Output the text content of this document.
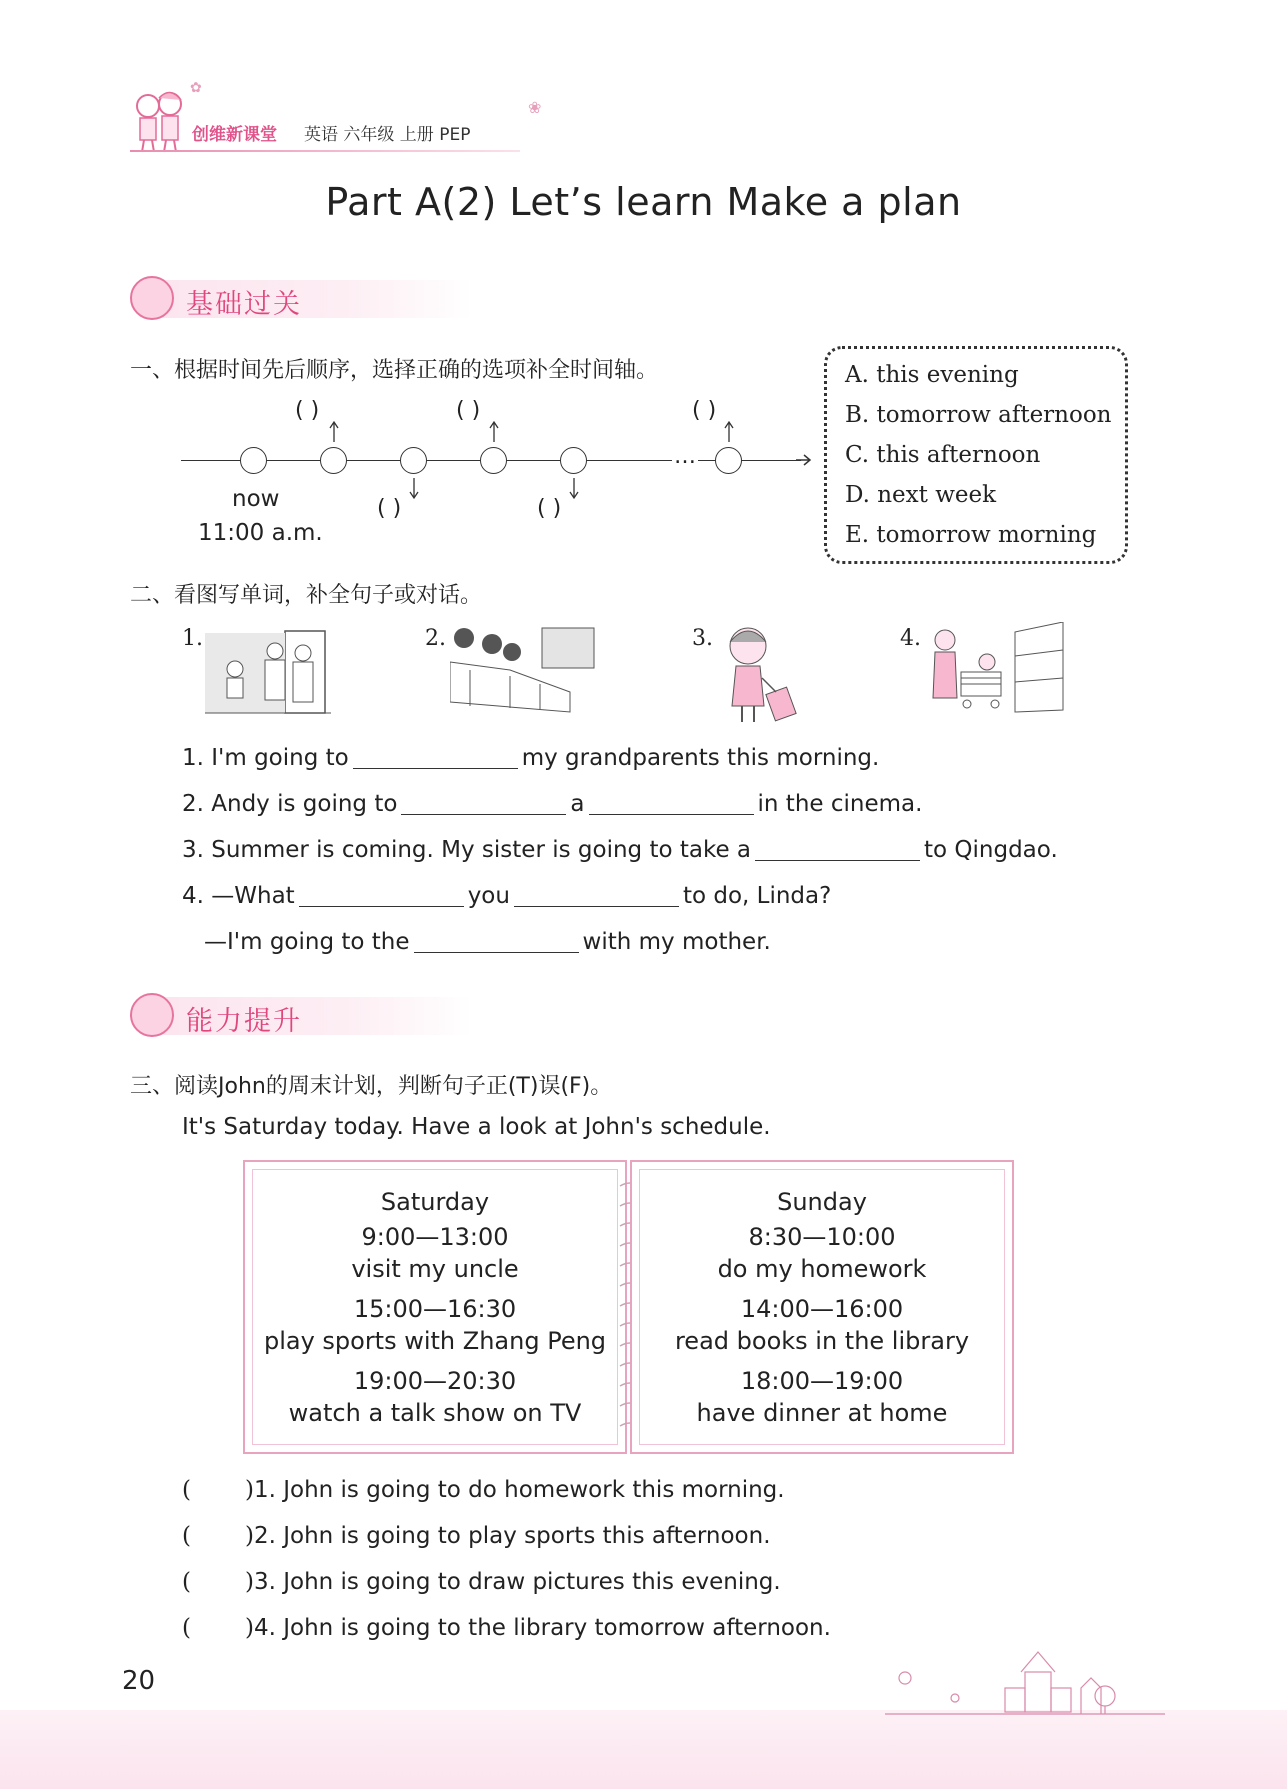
创维新课堂 英语 六年级 上册 PEP
✿
❀
Part A(2) Let’s learn Make a plan
基础过关
一、根据时间先后顺序，选择正确的选项补全时间轴。	A. this evening
B. tomorrow afternoon
C. this afternoon
D. next week
E. tomorrow morning
…
( )	( )	( )
( )	( )
now
11:00 a.m.
二、看图写单词，补全句子或对话。
1.	2.	3.	4.
1. I'm going to	my grandparents this morning.
2. Andy is going to	a	in the cinema.
3. Summer is coming. My sister is going to take a	to Qingdao.
4. —What	you	to do, Linda?
—I'm going to the	with my mother.
能力提升
三、阅读John的周末计划，判断句子正(T)误(F)。
It's Saturday today. Have a look at John's schedule.
Saturday
9:00—13:00
visit my uncle
15:00—16:30
play sports with Zhang Peng
19:00—20:30
watch a talk show on TV
Sunday
8:30—10:00
do my homework
14:00—16:00
read books in the library
18:00—19:00
have dinner at home
( )1. John is going to do homework this morning.
( )2. John is going to play sports this afternoon.
( )3. John is going to draw pictures this evening.
( )4. John is going to the library tomorrow afternoon.
20
